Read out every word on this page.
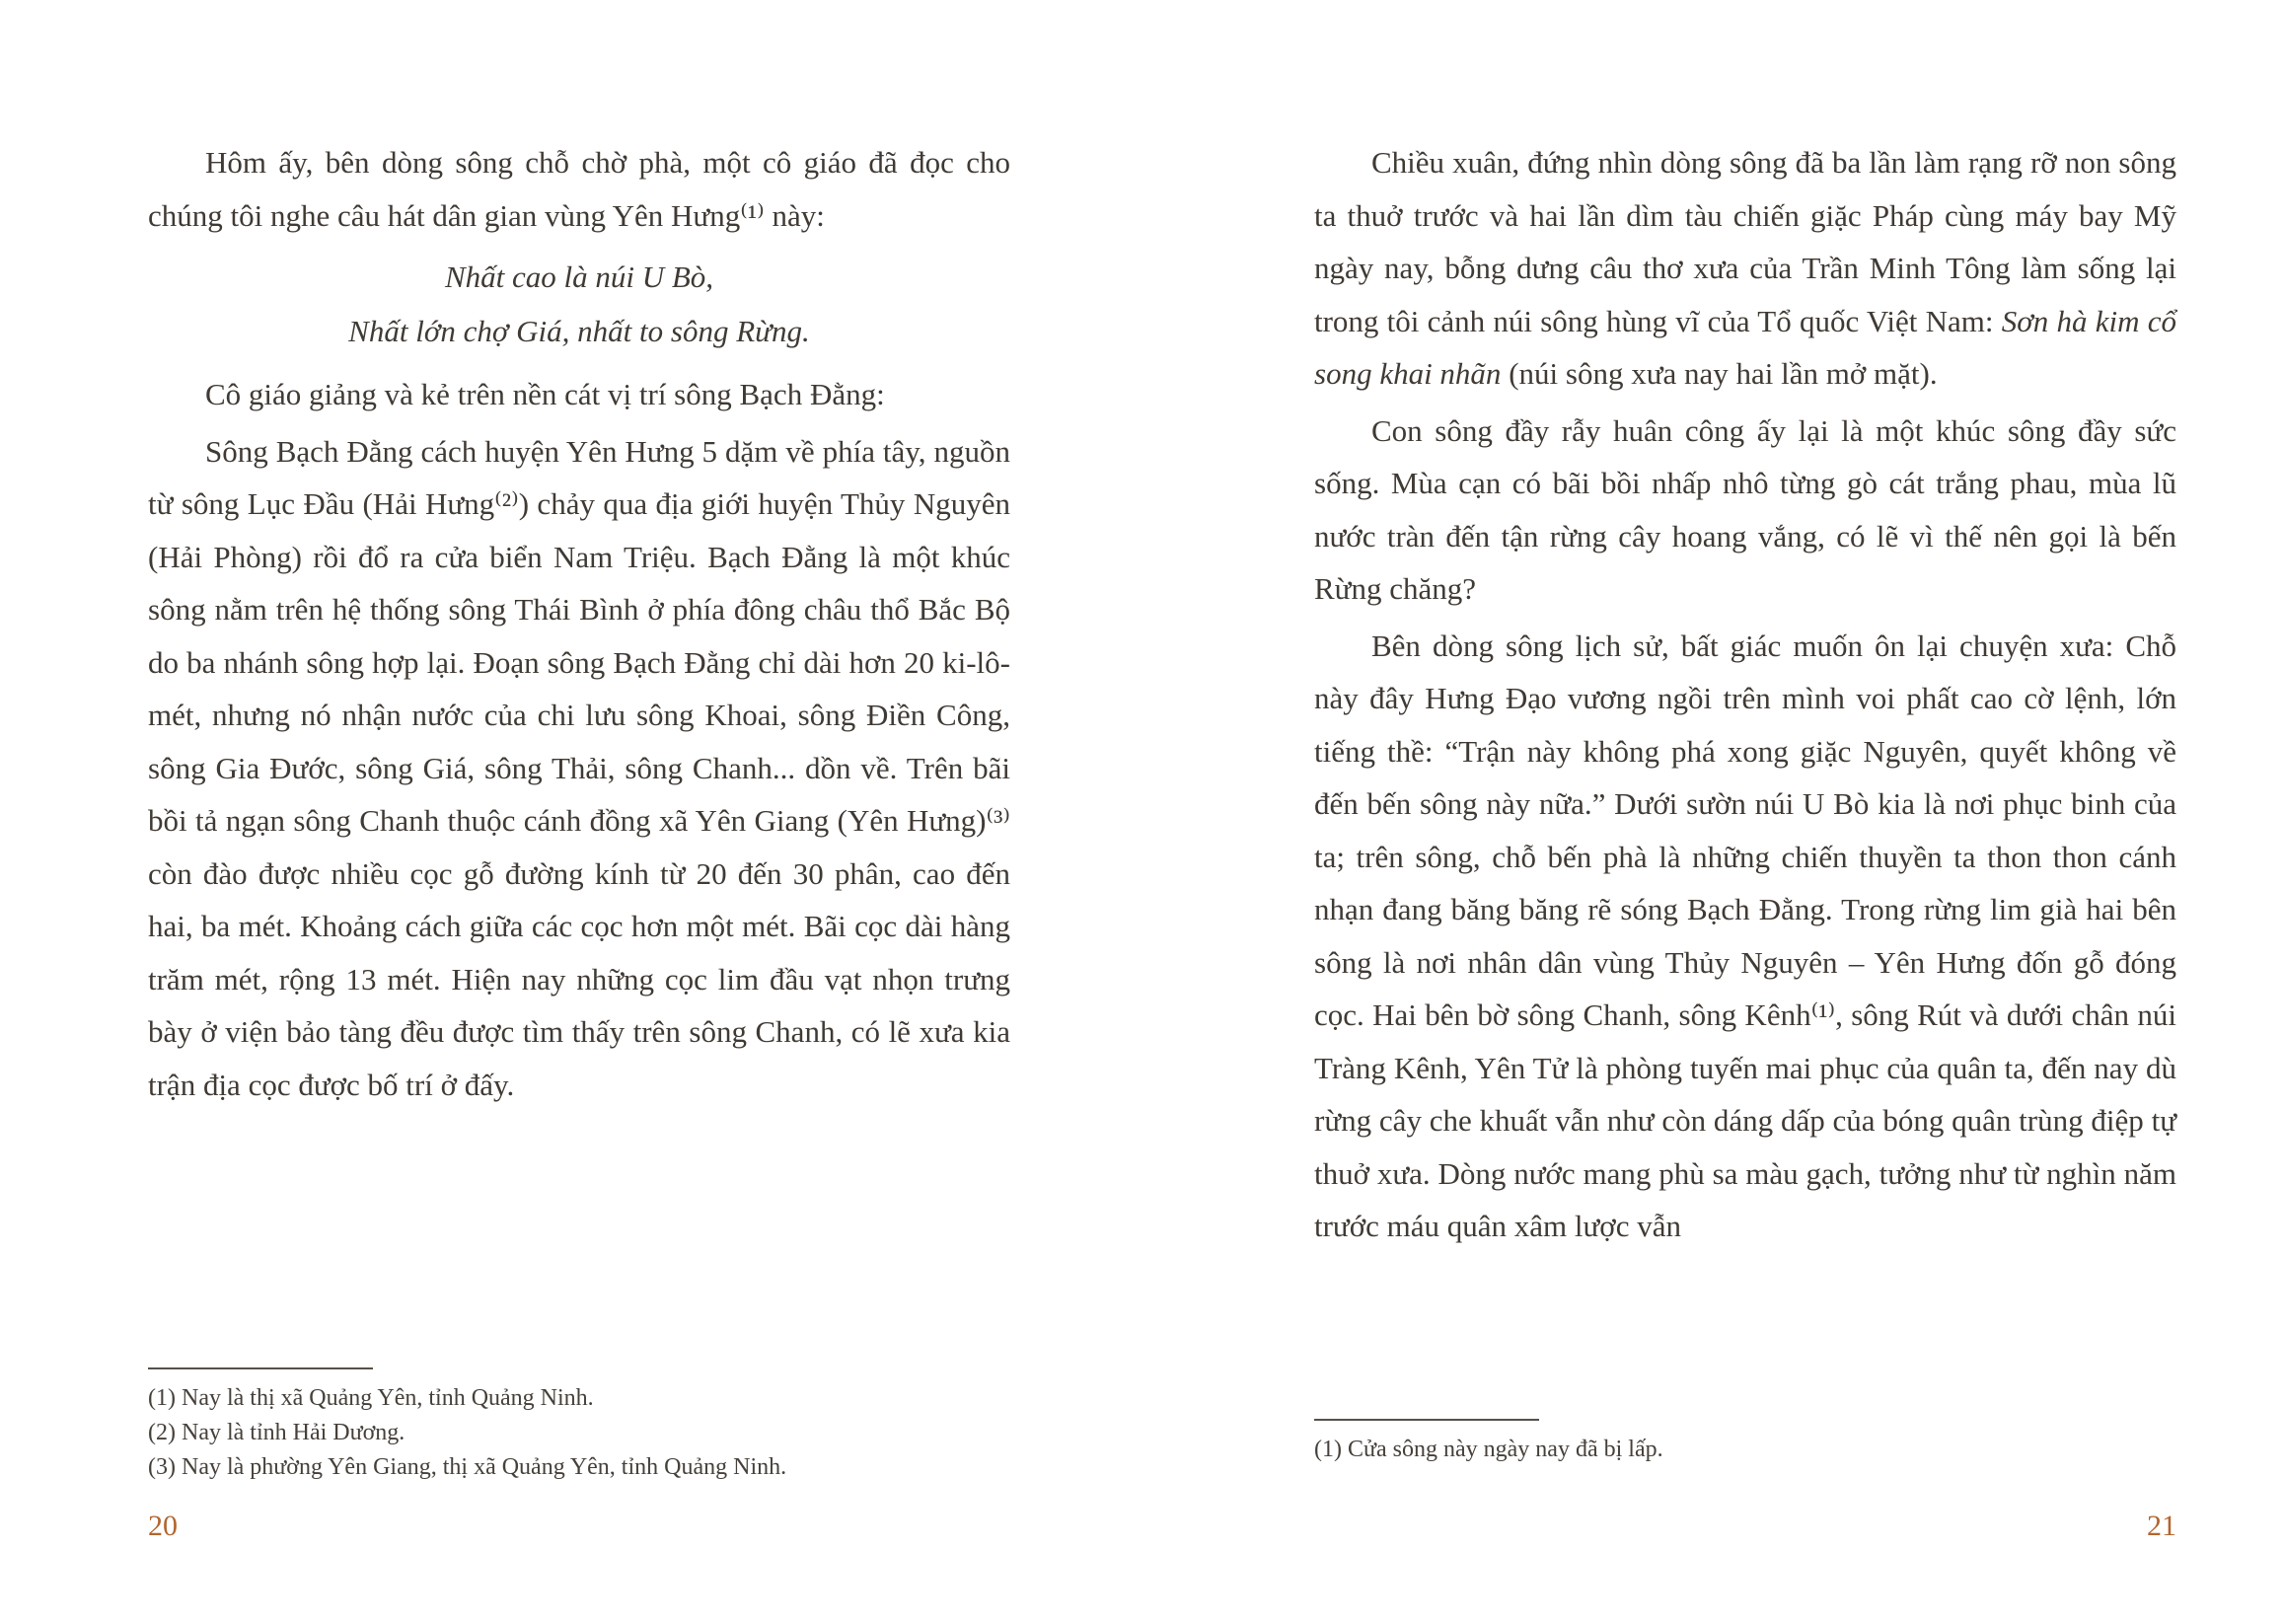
Hôm ấy, bên dòng sông chỗ chờ phà, một cô giáo đã đọc cho chúng tôi nghe câu hát dân gian vùng Yên Hưng⁽¹⁾ này:

Nhất cao là núi U Bò,

Nhất lớn chợ Giá, nhất to sông Rừng.

Cô giáo giảng và kẻ trên nền cát vị trí sông Bạch Đằng:

Sông Bạch Đằng cách huyện Yên Hưng 5 dặm về phía tây, nguồn từ sông Lục Đầu (Hải Hưng⁽²⁾) chảy qua địa giới huyện Thủy Nguyên (Hải Phòng) rồi đổ ra cửa biển Nam Triệu. Bạch Đằng là một khúc sông nằm trên hệ thống sông Thái Bình ở phía đông châu thổ Bắc Bộ do ba nhánh sông hợp lại. Đoạn sông Bạch Đằng chỉ dài hơn 20 ki-lô-mét, nhưng nó nhận nước của chi lưu sông Khoai, sông Điền Công, sông Gia Đước, sông Giá, sông Thải, sông Chanh... dồn về. Trên bãi bồi tả ngạn sông Chanh thuộc cánh đồng xã Yên Giang (Yên Hưng)⁽³⁾ còn đào được nhiều cọc gỗ đường kính từ 20 đến 30 phân, cao đến hai, ba mét. Khoảng cách giữa các cọc hơn một mét. Bãi cọc dài hàng trăm mét, rộng 13 mét. Hiện nay những cọc lim đầu vạt nhọn trưng bày ở viện bảo tàng đều được tìm thấy trên sông Chanh, có lẽ xưa kia trận địa cọc được bố trí ở đấy.

(1) Nay là thị xã Quảng Yên, tỉnh Quảng Ninh.

(2) Nay là tỉnh Hải Dương.

(3) Nay là phường Yên Giang, thị xã Quảng Yên, tỉnh Quảng Ninh.

20

Chiều xuân, đứng nhìn dòng sông đã ba lần làm rạng rỡ non sông ta thuở trước và hai lần dìm tàu chiến giặc Pháp cùng máy bay Mỹ ngày nay, bỗng dưng câu thơ xưa của Trần Minh Tông làm sống lại trong tôi cảnh núi sông hùng vĩ của Tổ quốc Việt Nam: Sơn hà kim cổ song khai nhãn (núi sông xưa nay hai lần mở mặt).

Con sông đầy rẫy huân công ấy lại là một khúc sông đầy sức sống. Mùa cạn có bãi bồi nhấp nhô từng gò cát trắng phau, mùa lũ nước tràn đến tận rừng cây hoang vắng, có lẽ vì thế nên gọi là bến Rừng chăng?

Bên dòng sông lịch sử, bất giác muốn ôn lại chuyện xưa: Chỗ này đây Hưng Đạo vương ngồi trên mình voi phất cao cờ lệnh, lớn tiếng thề: “Trận này không phá xong giặc Nguyên, quyết không về đến bến sông này nữa.” Dưới sườn núi U Bò kia là nơi phục binh của ta; trên sông, chỗ bến phà là những chiến thuyền ta thon thon cánh nhạn đang băng băng rẽ sóng Bạch Đằng. Trong rừng lim già hai bên sông là nơi nhân dân vùng Thủy Nguyên – Yên Hưng đốn gỗ đóng cọc. Hai bên bờ sông Chanh, sông Kênh⁽¹⁾, sông Rút và dưới chân núi Tràng Kênh, Yên Tử là phòng tuyến mai phục của quân ta, đến nay dù rừng cây che khuất vẫn như còn dáng dấp của bóng quân trùng điệp tự thuở xưa. Dòng nước mang phù sa màu gạch, tưởng như từ nghìn năm trước máu quân xâm lược vẫn

(1) Cửa sông này ngày nay đã bị lấp.

21
